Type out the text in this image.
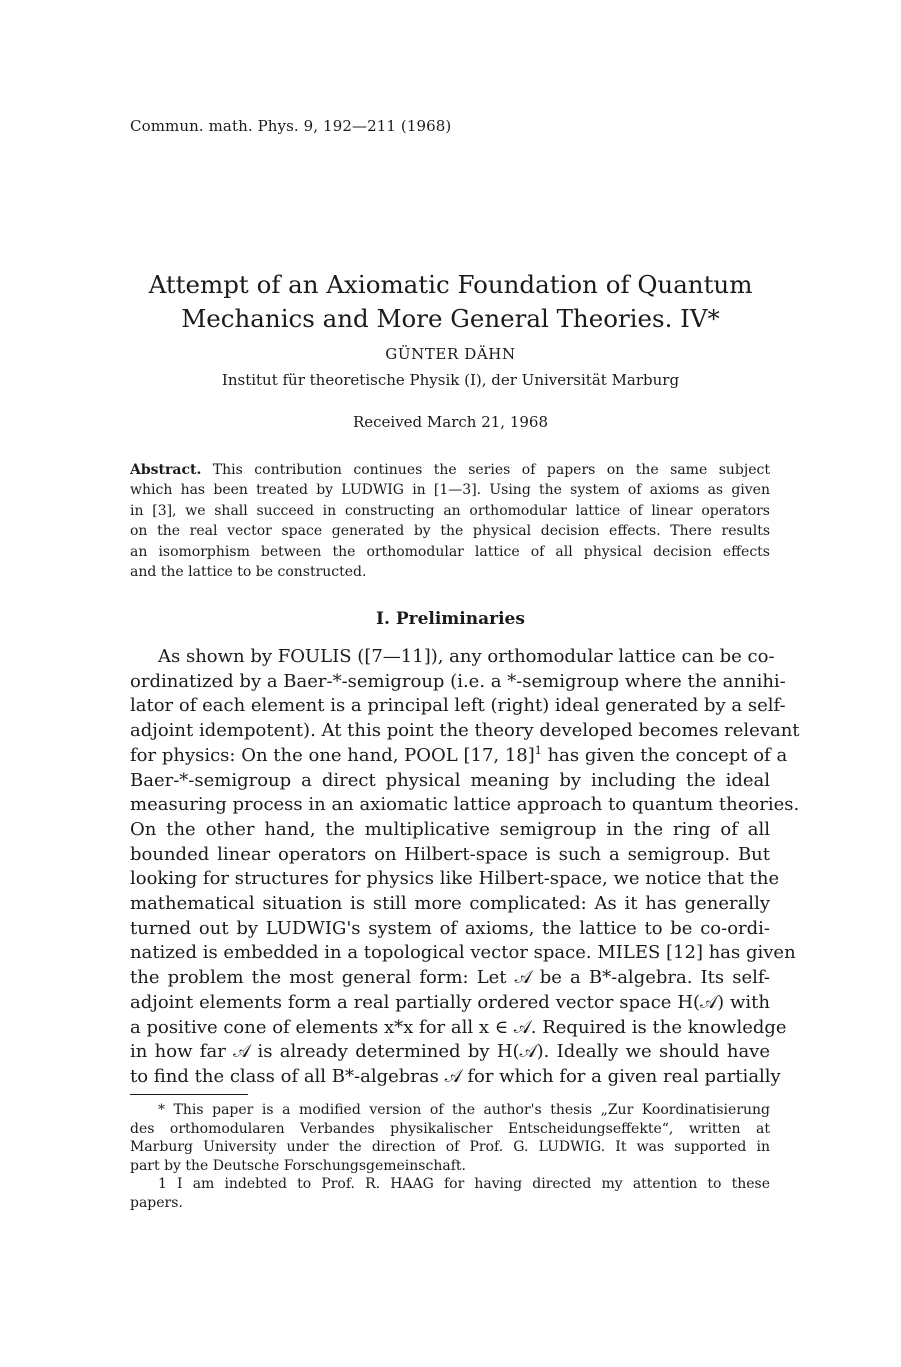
Commun. math. Phys. 9, 192—211 (1968)
Attempt of an Axiomatic Foundation of Quantum
Mechanics and More General Theories. IV*
GÜNTER DÄHN
Institut für theoretische Physik (I), der Universität Marburg
Received March 21, 1968
Abstract. This contribution continues the series of papers on the same subject
which has been treated by LUDWIG in [1—3]. Using the system of axioms as given
in [3], we shall succeed in constructing an orthomodular lattice of linear operators
on the real vector space generated by the physical decision effects. There results
an isomorphism between the orthomodular lattice of all physical decision effects
and the lattice to be constructed.
I. Preliminaries
As shown by FOULIS ([7—11]), any orthomodular lattice can be co-
ordinatized by a Baer-*-semigroup (i.e. a *-semigroup where the annihi-
lator of each element is a principal left (right) ideal generated by a self-
adjoint idempotent). At this point the theory developed becomes relevant
for physics: On the one hand, POOL [17, 18]$^1$ has given the concept of a
Baer-*-semigroup a direct physical meaning by including the ideal
measuring process in an axiomatic lattice approach to quantum theories.
On the other hand, the multiplicative semigroup in the ring of all
bounded linear operators on Hilbert-space is such a semigroup. But
looking for structures for physics like Hilbert-space, we notice that the
mathematical situation is still more complicated: As it has generally
turned out by LUDWIG's system of axioms, the lattice to be co-ordi-
natized is embedded in a topological vector space. MILES [12] has given
the problem the most general form: Let 𝒜 be a B*-algebra. Its self-
adjoint elements form a real partially ordered vector space H(𝒜) with
a positive cone of elements x*x for all x ∈ 𝒜. Required is the knowledge
in how far 𝒜 is already determined by H(𝒜). Ideally we should have
to find the class of all B*-algebras 𝒜 for which for a given real partially
* This paper is a modified version of the author's thesis „Zur Koordinatisierung
des orthomodularen Verbandes physikalischer Entscheidungseffekte“, written at
Marburg University under the direction of Prof. G. LUDWIG. It was supported in
part by the Deutsche Forschungsgemeinschaft.
1 I am indebted to Prof. R. HAAG for having directed my attention to these
papers.
